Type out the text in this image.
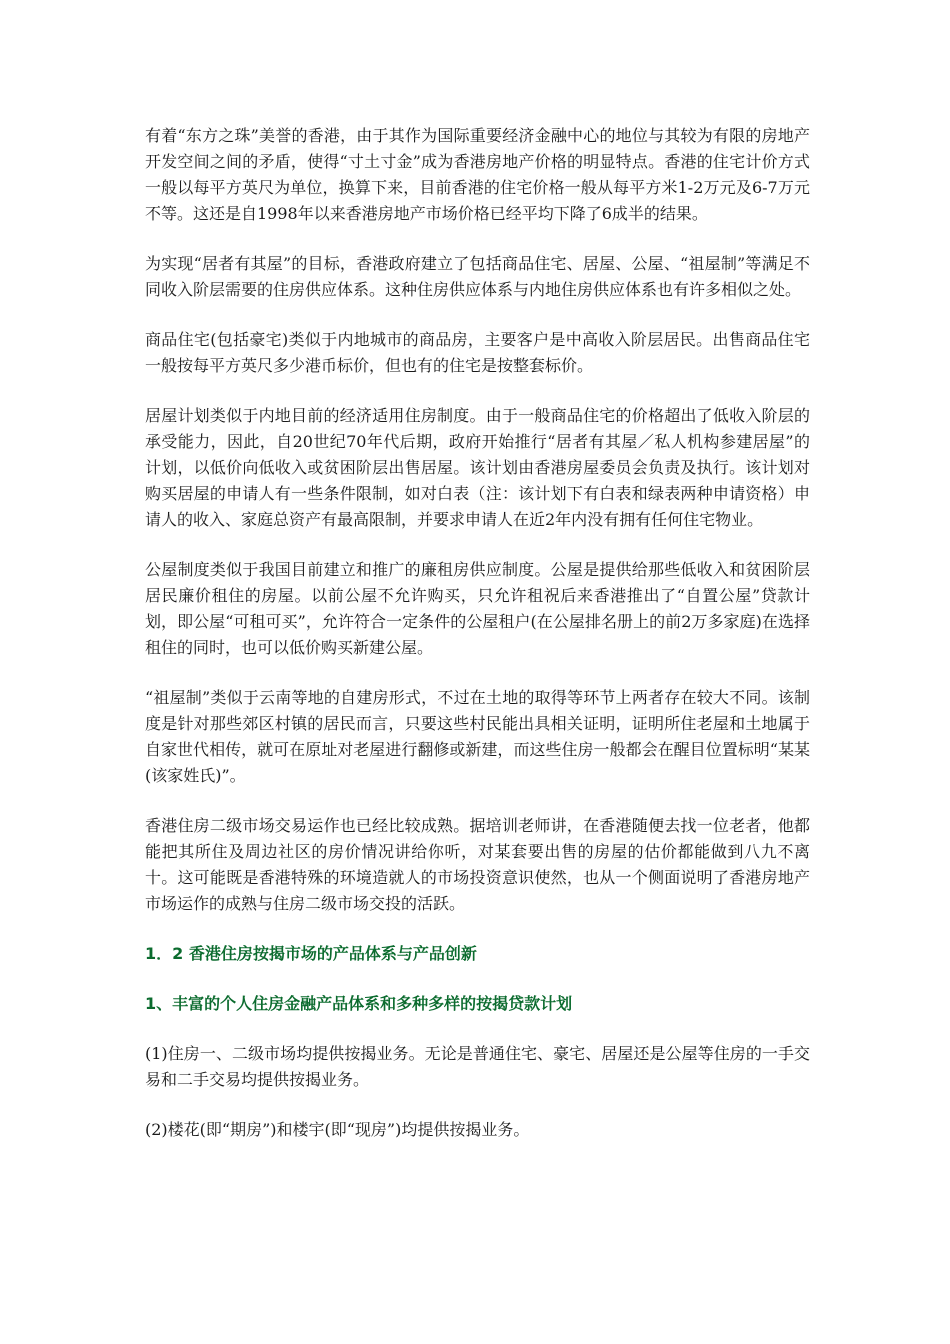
有着“东方之珠”美誉的香港，由于其作为国际重要经济金融中心的地位与其较为有限的房地产开发空间之间的矛盾，使得“寸土寸金”成为香港房地产价格的明显特点。香港的住宅计价方式一般以每平方英尺为单位，换算下来，目前香港的住宅价格一般从每平方米1-2万元及6-7万元不等。这还是自1998年以来香港房地产市场价格已经平均下降了6成半的结果。

为实现“居者有其屋”的目标，香港政府建立了包括商品住宅、居屋、公屋、“祖屋制”等满足不同收入阶层需要的住房供应体系。这种住房供应体系与内地住房供应体系也有许多相似之处。

商品住宅(包括豪宅)类似于内地城市的商品房，主要客户是中高收入阶层居民。出售商品住宅一般按每平方英尺多少港币标价，但也有的住宅是按整套标价。

居屋计划类似于内地目前的经济适用住房制度。由于一般商品住宅的价格超出了低收入阶层的承受能力，因此，自20世纪70年代后期，政府开始推行“居者有其屋／私人机构参建居屋”的计划，以低价向低收入或贫困阶层出售居屋。该计划由香港房屋委员会负责及执行。该计划对购买居屋的申请人有一些条件限制，如对白表（注：该计划下有白表和绿表两种申请资格）申请人的收入、家庭总资产有最高限制，并要求申请人在近2年内没有拥有任何住宅物业。

公屋制度类似于我国目前建立和推广的廉租房供应制度。公屋是提供给那些低收入和贫困阶层居民廉价租住的房屋。以前公屋不允许购买，只允许租祝后来香港推出了“自置公屋”贷款计划，即公屋“可租可买”，允许符合一定条件的公屋租户(在公屋排名册上的前2万多家庭)在选择租住的同时，也可以低价购买新建公屋。

“祖屋制”类似于云南等地的自建房形式，不过在土地的取得等环节上两者存在较大不同。该制度是针对那些郊区村镇的居民而言，只要这些村民能出具相关证明，证明所住老屋和土地属于自家世代相传，就可在原址对老屋进行翻修或新建，而这些住房一般都会在醒目位置标明“某某(该家姓氏)”。

香港住房二级市场交易运作也已经比较成熟。据培训老师讲，在香港随便去找一位老者，他都能把其所住及周边社区的房价情况讲给你听，对某套要出售的房屋的估价都能做到八九不离十。这可能既是香港特殊的环境造就人的市场投资意识使然，也从一个侧面说明了香港房地产市场运作的成熟与住房二级市场交投的活跃。

1．2 香港住房按揭市场的产品体系与产品创新
1、丰富的个人住房金融产品体系和多种多样的按揭贷款计划

(1)住房一、二级市场均提供按揭业务。无论是普通住宅、豪宅、居屋还是公屋等住房的一手交易和二手交易均提供按揭业务。

(2)楼花(即“期房”)和楼宇(即“现房”)均提供按揭业务。
